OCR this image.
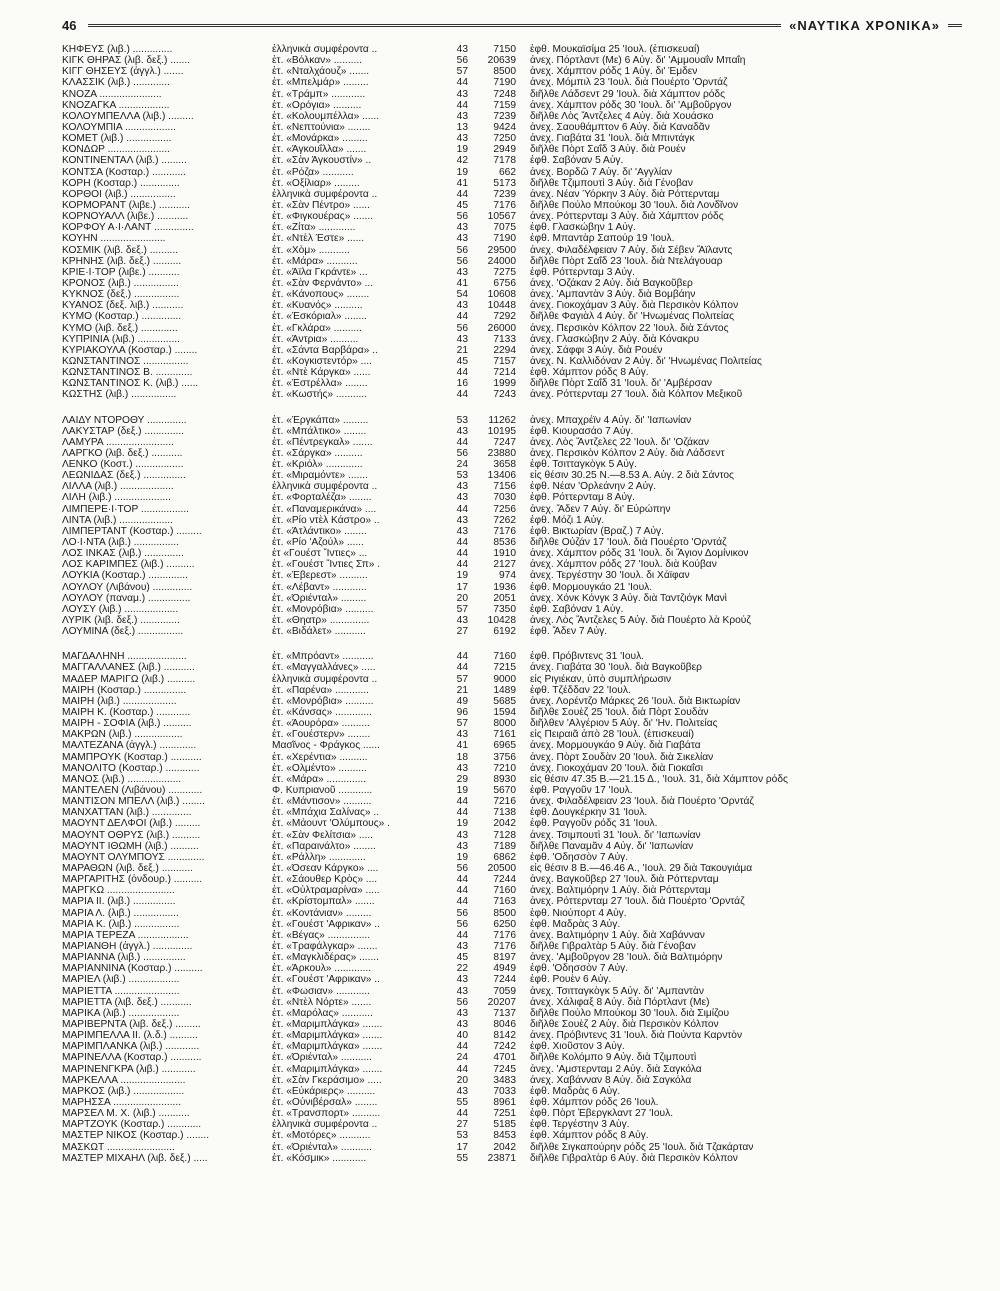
46	«ΝΑΥΤΙΚΑ ΧΡΟΝΙΚΑ»
ΚΗΦΕΥΣ (λιβ.) ..............	ἑλληνικὰ συμφέροντα ..	43	7150	ἐφθ. Μουκαϊσίμα 25 'Ιουλ. (ἐπισκευαί)
ΚΙΓΚ ΘΗΡΑΣ (λιβ. δεξ.) .......	ἐτ. «Βόλκαν» ..........	56	20639	ἀνεχ. Πόρτλαντ (Με) 6 Αὐγ. δι' 'Αμμουαΐν Μπαΐη
ΚΙΓΓ ΘΗΣΕΥΣ (ἀγγλ.) .......	ἐτ. «Νταλχάουζ» .......	57	8500	ἀνεχ. Χάμπτον ρόδς 1 Αὐγ. δι' Έμδεν
ΚΛΑΣΣΙΚ (λιβ.) .............	ἐτ. «Μπελμάρ» .........	44	7190	ἀνεχ. Μόμπιλ 23 'Ιουλ. διὰ Πουέρτο 'Ορντάζ
ΚΝΟΖΑ ......................	ἐτ. «Τράμπ» ............	43	7248	διῆλθε Λάδσεντ 29 'Ιουλ. διὰ Χάμπτον ρόδς
ΚΝΟΖΑΓΚΑ ..................	ἐτ. «Ορόγια» ..........	44	7159	ἀνεχ. Χάμπτον ρόδς 30 'Ιουλ. δι' 'Αμβοῦργον
ΚΟΛΟΥΜΠΕΛΛΑ (λιβ.) .........	ἐτ. «Κολουμπέλλα» ......	43	7239	διῆλθε Λὸς Ἄντζελες 4 Αὐγ. διὰ Χουάσκο
ΚΟΛΟΥΜΠΙΑ ..................	ἐτ. «Νεπτούνια» ........	13	9424	ἀνεχ. Σαουθάμπτον 6 Αὐγ. διὰ Καναδᾶν
ΚΟΜΕΤ (λιβ.) ................	ἐτ. «Μονάρκα» .........	43	7250	ἀνεχ. Γιαβάτα 31 'Ιουλ. διὰ Μπιντάγκ
ΚΟΝΔΩΡ ......................	ἐτ. «Άγκουΐλλα» .......	19	2949	διῆλθε Πὸρτ Σαΐδ 3 Αὐγ. διὰ Ρουέν
ΚΟΝΤΙΝΕΝΤΑΛ (λιβ.) .........	ἐτ. «Σὰν Άγκουστίν» ..	42	7178	ἐφθ. Σαβόναν 5 Αὐγ.
ΚΟΝΤΣΑ (Κοσταρ.) ............	ἐτ. «Ρόζα» ...........	19	662	ἀνεχ. Βορδῶ 7 Αὐγ. δι' 'Αγγλίαν
ΚΟΡΗ (Κοσταρ.) ..............	ἐτ. «Οξίλιαρ» .........	41	5173	διῆλθε Τζιμπουτὶ 3 Αὐγ. διὰ Γένοβαν
ΚΟΡΘΟΙ (λιβ.) ................	ἑλληνικὰ συμφέροντα ..	44	7239	ἀνεχ. Νέαν Ύόρκην 3 Αὐγ. διὰ Ρόττερνταμ
ΚΟΡΜΟΡΑΝΤ (λιβε.) ...........	ἐτ. «Σὰν Πέντρο» ......	45	7176	διῆλθε Πούλο Μπούκομ 30 'Ιουλ. διὰ Λονδῖνον
ΚΟΡΝΟΥΑΛΛ (λιβε.) ...........	ἐτ. «Φιγκουέρας» .......	56	10567	ἀνεχ. Ρόττερνταμ 3 Αὐγ. διὰ Χάμπτον ρόδς
ΚΟΡΦΟΥ Α·Ι·ΛΑΝΤ ..............	ἐτ. «Ζίτα» .............	43	7075	ἐφθ. Γλασκώβην 1 Αὐγ.
ΚΟΥΗΝ .......................	ἐτ. «Ντὲλ Έστε» ......	43	7190	ἐφθ. Μπαντὰρ Σαπούρ 19 'Ιουλ.
ΚΟΣΜΙΚ (λιβ. δεξ.) ..........	ἐτ. «Χὸμ» ...........	56	29500	ἀνεχ. Φιλαδέλφειαν 7 Αὐγ. διὰ Σέβεν Ἄϊλαντς
ΚΡΗΝΗΣ (λιβ. δεξ.) ..........	ἐτ. «Μάρα» ...........	56	24000	διῆλθε Πὸρτ Σαΐδ 23 'Ιουλ. διὰ Ντελάγουαρ
ΚΡΙΕ·Ι·ΤΟΡ (λιβε.) ...........	ἐτ. «Άϊλα Γκράντε» ...	43	7275	ἐφθ. Ρόττερνταμ 3 Αὐγ.
ΚΡΟΝΟΣ (λιβ.) ................	ἐτ. «Σὰν Φερνάντο» ...	41	6756	ἀνεχ. 'Οζάκαν 2 Αὐγ. διὰ Βαγκοῦβερ
ΚΥΚΝΟΣ (δεξ.) ................	ἐτ. «Κάνοπους» ........	54	10608	ἀνεχ. 'Αμπαντὰν 3 Αὐγ. διὰ Βομβάην
ΚΥΑΝΟΣ (δεξ. λιβ.) ...........	ἐτ. «Κυανός» ..........	43	10448	ἀνεχ. Γιοκοχάμαν 3 Αὐγ. διὰ Περσικὸν Κόλπον
ΚΥΜΟ (Κοσταρ.) ..............	ἐτ. «Έσκόριαλ» ........	44	7292	διῆλθε Φαγιὰλ 4 Αὐγ. δι' 'Ηνωμένας Πολιτείας
ΚΥΜΟ (λιβ. δεξ.) .............	ἐτ. «Γκλάρα» ..........	56	26000	ἀνεχ. Περσικὸν Κόλπον 22 'Ιουλ. διὰ Σάντος
ΚΥΠΡΙΝΙΑ (λιβ.) ...............	ἐτ. «Άντρια» ..........	43	7133	ἀνεχ. Γλασκώβην 2 Αὐγ. διὰ Κόνακρυ
ΚΥΡΙΑΚΟΥΛΑ (Κοσταρ.) ........	ἐτ. «Σάντα Βαρβάρα» ..	21	2294	ἀνεχ. Σάφφι 3 Αὐγ. διὰ Ρουέν
ΚΩΝΣΤΑΝΤΙΝΟΣ ................	ἐτ. «Κογκιστεντόρ» ....	45	7157	ἀνεχ. Ν. Καλλιδόναν 2 Αὐγ. δι' 'Ηνωμένας Πολιτείας
ΚΩΝΣΤΑΝΤΙΝΟΣ Β. .............	ἐτ. «Ντὲ Κάργκα» ......	44	7214	ἐφθ. Χάμπτον ρόδς 8 Αὐγ.
ΚΩΝΣΤΑΝΤΙΝΟΣ Κ. (λιβ.) ......	ἐτ. «Έστρέλλα» ........	16	1999	διῆλθε Πὸρτ Σαΐδ 31 'Ιουλ. δι' 'Αμβέρσαν
ΚΩΣΤΗΣ (λιβ.) ................	ἐτ. «Κωστής» ...........	44	7243	ἀνεχ. Ρόττερνταμ 27 'Ιουλ. διὰ Κόλπον Μεξικοῦ
ΛΑΙΔΥ ΝΤΟΡΟΘΥ ..............	ἐτ. «Έργκάπα» .........	53	11262	ἀνεχ. Μπαχρέϊν 4 Αὐγ. δι' 'Ιαπωνίαν
ΛΑΚΥΣΤΑΡ (δεξ.) ..............	ἐτ. «Μπάλτικο» ........	43	10195	ἐφθ. Κιουρασάο 7 Αὐγ.
ΛΑΜΥΡΑ ........................	ἐτ. «Πέντρεγκαλ» .......	44	7247	ἀνεχ. Λὸς Ἄντζελες 22 'Ιουλ. δι' 'Οζάκαν
ΛΑΡΓΚΟ (λιβ. δεξ.) ...........	ἐτ. «Σάργκα» ..........	56	23880	ἀνεχ. Περσικὸν Κόλπον 2 Αὐγ. διὰ Λάδσεντ
ΛΕΝΚΟ (Κοστ.) .................	ἐτ. «Κριόλ» .............	24	3658	ἐφθ. Τσιτταγκὸγκ 5 Αὐγ.
ΛΕΩΝΙΔΑΣ (δεξ.) ...............	ἐτ. «Μιραμόντε» .......	53	13406	εἰς θέσιν 30.25 Ν.—8.53 Α. Αὐγ. 2 διὰ Σάντος
ΛΙΛΛΑ (λιβ.) ...................	ἑλληνικὰ συμφέροντα ..	43	7156	ἐφθ. Νέαν 'Ορλεάνην 2 Αὐγ.
ΛΙΛΗ (λιβ.) ....................	ἐτ. «Φορταλέζα» ........	43	7030	ἐφθ. Ρόττερνταμ 8 Αὐγ.
ΛΙΜΠΕΡΕ·Ι·ΤΟΡ .................	ἐτ. «Παναμερικάνα» ....	44	7256	ἀνεχ. Ἄδεν 7 Αὐγ. δι' Εὐρώπην
ΛΙΝΤΑ (λιβ.) ...................	ἐτ. «Ρίο ντὲλ Κάστρο» ..	43	7262	ἐφθ. Μόζι 1 Αὐγ.
ΛΙΜΠΕΡΤΑΝΤ (Κοσταρ.) .........	ἐτ. «Άτλάντικο» ........	43	7176	ἐφθ. Βικτωρίαν (Βραζ.) 7 Αὐγ.
ΛΟ·Ι·ΝΤΑ (λιβ.) ................	ἐτ. «Ρίο 'Αζούλ» ......	44	8536	διῆλθε Οὐζάν 17 'Ιουλ. διὰ Πουέρτο 'Ορντάζ
ΛΟΣ ΙΝΚΑΣ (λιβ.) ..............	ἐτ «Γουέστ Ἴντιες» ...	44	1910	ἀνεχ. Χάμπτον ρόδς 31 'Ιουλ. δι Ἄγιον Δομίνικον
ΛΟΣ ΚΑΡΙΜΠΕΣ (λιβ.) ..........	ἐτ. «Γουέστ Ἴντιες Σπ» .	44	2127	ἀνεχ. Χάμπτον ρόδς 27 'Ιουλ. διὰ Κούβαν
ΛΟΥΚΙΑ (Κοσταρ.) ..............	ἐτ. «Έβερεστ» ..........	19	974	ἀνεχ. Τεργέστην 30 'Ιουλ. δι Χάϊφαν
ΛΟΥΛΟΥ (Λιβάνου) ..............	ἐτ. «Λέβαντ» ............	17	1936	ἐφθ. Μορμουγκάο 21 'Ιουλ.
ΛΟΥΛΟΥ (παναμ.) ...............	ἐτ. «Όριένταλ» .........	20	2051	ἀνεχ. Χόνκ Κόνγκ 3 Αὐγ. διὰ Ταντζιόγκ Μανὶ
ΛΟΥΣΥ (λιβ.) ...................	ἐτ. «Μονρόβια» ..........	57	7350	ἐφθ. Σαβόναν 1 Αὐγ.
ΛΥΡΙΚ (λιβ. δεξ.) ..............	ἐτ. «Θηατρ» ..............	43	10428	ἀνεχ. Λὸς Ἄντζελες 5 Αὐγ. διὰ Πουέρτο λὰ Κρούζ
ΛΟΥΜΙΝΑ (δεξ.) ................	ἐτ. «Βιδάλετ» ...........	27	6192	ἐφθ. Ἄδεν 7 Αὐγ.
ΜΑΓΔΑΛΗΝΗ .....................	ἐτ. «Μπρόαντ» ...........	44	7160	ἐφθ. Πρόβιντενς 31 'Ιουλ.
ΜΑΓΓΑΛΛΑΝΕΣ (λιβ.) ...........	ἐτ. «Μαγγαλλάνες» .....	44	7215	ἀνεχ. Γιαβάτα 30 'Ιουλ. διὰ Βαγκοῦβερ
ΜΑΔΕΡ ΜΑΡΙΓΩ (λιβ.) ..........	ἑλληνικὰ συμφέροντα ..	57	9000	εἰς Ριγιέκαν, ὑπὸ συμπλήρωσιν
ΜΑΙΡΗ (Κοσταρ.) ...............	ἐτ. «Παρένα» ............	21	1489	ἐφθ. Τζέδδαν 22 'Ιουλ.
ΜΑΙΡΗ (λιβ.) ...................	ἐτ. «Μονρόβια» ..........	49	5685	ἀνεχ. Λορέντζο Μάρκες 26 'Ιουλ. διὰ Βικτωρίαν
ΜΑΙΡΗ Κ. (Κοσταρ.) ............	ἐτ. «Κάνσας» .............	96	1594	διῆλθε Σουὲζ 25 'Ιουλ. διὰ Πὸρτ Σουδὰν
ΜΑΙΡΗ - ΣΟΦΙΑ (λιβ.) ..........	ἐτ. «Άουρόρα» ..........	57	8000	διῆλθεν 'Αλγέριον 5 Αὐγ. δι' 'Ην. Πολιτείας
ΜΑΚΡΩΝ (λιβ.) .................	ἐτ. «Γουέστερν» ........	43	7161	εἰς Πειραιᾶ ἀπὸ 28 'Ιουλ. (ἐπισκευαί)
ΜΑΛΤΕΖΑΝΑ (ἀγγλ.) .............	Μασῖνος - Φράγκος ......	41	6965	ἀνεχ. Μορμουγκάο 9 Αὐγ. διὰ Γιαβάτα
ΜΑΜΠΡΟΥΚ (Κοσταρ.) ...........	ἐτ. «Χερέντια» ..........	18	3756	ἀνεχ. Πὸρτ Σουδὰν 20 'Ιουλ. διὰ Σικελίαν
ΜΑΝΟΛΙΤΟ (Κοσταρ.) ............	ἐτ. «Ολμέντο» ..........	43	7210	ἀνεχ. Γιοκοχάμαν 20 'Ιουλ. διὰ Γιοκαΐσι
ΜΑΝΟΣ (λιβ.) ...................	ἐτ. «Μάρα» ..............	29	8930	εἰς θέσιν 47.35 Β.—21.15 Δ., 'Ιουλ. 31, διὰ Χάμπτον ρόδς
ΜΑΝΤΕΛΕΝ (Λιβάνου) ............	Φ. Κυπριανοῦ ............	19	5670	ἐφθ. Ραγγοῦν 17 'Ιουλ.
ΜΑΝΤΙΣΟΝ ΜΠΕΛΛ (λιβ.) ........	ἐτ. «Μάντισον» ..........	44	7216	ἀνεχ. Φιλαδέλφειαν 23 'Ιουλ. διὰ Πουέρτο 'Ορντάζ
ΜΑΝΧΑΤΤΑΝ (λιβ.) ..............	ἐτ. «Μπάχια Σαλίνας» ..	44	7138	ἐφθ. Δουγκέρκην 31 'Ιουλ.
ΜΑΟΥΝΤ ΔΕΛΦΟΙ (λιβ.) .........	ἐτ. «Μάουντ 'Ολύμπους» .	19	2042	ἐφθ. Ραγγοῦν ρόδς 31 'Ιουλ.
ΜΑΟΥΝΤ ΟΘΡΥΣ (λιβ.) ..........	ἐτ. «Σὰν Φελίτσια» .....	43	7128	ἀνεχ. Τσιμπουτὶ 31 'Ιουλ. δι' 'Ιαπωνίαν
ΜΑΟΥΝΤ ΙΘΩΜΗ (λιβ.) ..........	ἐτ. «Παραινάλτο» ........	43	7189	διῆλθε Παναμᾶν 4 Αὐγ. δι' 'Ιαπωνίαν
ΜΑΟΥΝΤ ΟΛΥΜΠΟΥΣ .............	ἐτ. «Ράλλη» .............	19	6862	ἐφθ. 'Οδησσὸν 7 Αὐγ.
ΜΑΡΑΘΩΝ (λιβ. δεξ.) ...........	ἐτ. «Όσεαν Κάργκο» ....	56	20500	εἰς θέσιν 8 Β.—46.46 Α., 'Ιουλ. 29 διὰ Τακουγιάμα
ΜΑΡΓΑΡΙΤΗΣ (ὀνδουρ.) ..........	ἐτ. «Σάουθερ Κρὸς» ....	44	7244	ἀνεχ. Βαγκοῦβερ 27 'Ιουλ. διὰ Ρόττερνταμ
ΜΑΡΓΚΩ ........................	ἐτ. «Ούλτραμαρίνα» .....	44	7160	ἀνεχ. Βαλτιμόρην 1 Αὐγ. διὰ Ρόττερνταμ
ΜΑΡΙΑ ΙΙ. (λιβ.) ...............	ἐτ. «Κρίστομπαλ» .......	44	7163	ἀνεχ. Ρόττερνταμ 27 'Ιουλ. διὰ Πουέρτο 'Ορντάζ
ΜΑΡΙΑ Λ. (λιβ.) ................	ἐτ. «Κοντάνιαν» .........	56	8500	ἐφθ. Νιούπορτ 4 Αὐγ.
ΜΑΡΙΑ Κ. (λιβ.) ................	ἐτ. «Γουέστ 'Αφρικαν» ..	56	6250	ἐφθ. Μαδρὰς 3 Αὐγ.
ΜΑΡΙΑ ΤΕΡΕΖΑ ..................	ἐτ. «Βέγας» ...............	44	7176	ἀνεχ. Βαλτιμόρην 1 Αὐγ. διὰ Χαβάνναν
ΜΑΡΙΑΝΘΗ (ἀγγλ.) ..............	ἐτ. «Τραφάλγκαρ» .......	43	7176	διῆλθε Γιβραλτὰρ 5 Αὐγ. διὰ Γένοβαν
ΜΑΡΙΑΝΝΑ (λιβ.) ...............	ἐτ. «Μαγκλιδέρας» .......	45	8197	ἀνεχ. 'Αμβοῦργον 28 'Ιουλ. διὰ Βαλτιμόρην
ΜΑΡΙΑΝΝΙΝΑ (Κοσταρ.) ..........	ἐτ. «Άρκουλ» .............	22	4949	ἐφθ. 'Οδησσὸν 7 Αὐγ.
ΜΑΡΙΕΛ (λιβ.) ..................	ἐτ. «Γουέστ 'Αφρικαν» ..	43	7244	ἐφθ. Ρουὲν 6 Αὐγ.
ΜΑΡΙΕΤΤΑ .......................	ἐτ. «Φωσιαν» ............	43	7059	ἀνεχ. Τσιτταγκὸγκ 5 Αὐγ. δι' 'Αμπαντὰν
ΜΑΡΙΕΤΤΑ (λιβ. δεξ.) ...........	ἐτ. «Ντὲλ Νόρτε» .......	56	20207	ἀνεχ. Χάλιφαξ 8 Αὐγ. διὰ Πόρτλαντ (Με)
ΜΑΡΙΚΑ (λιβ.) ..................	ἐτ. «Μαρόλας» ...........	43	7137	διῆλθε Πούλο Μπούκομ 30 'Ιουλ. διὰ Σιμίζου
ΜΑΡΙΒΕΡΝΤΑ (λιβ. δεξ.) .........	ἐτ. «Μαριμπλάγκα» .......	43	8046	διῆλθε Σουὲζ 2 Αὐγ. διὰ Περσικὸν Κόλπον
ΜΑΡΙΜΠΕΛΛΑ ΙΙ. (λ.δ.) ..........	ἐτ. «Μαριμπλάγκα» .......	40	8142	ἀνεχ. Πρόβιντενς 31 'Ιουλ. διὰ Πούντα Καρντὸν
ΜΑΡΙΜΠΛΑΝΚΑ (λιβ.) ............	ἐτ. «Μαριμπλάγκα» .......	44	7242	ἐφθ. Χιοῦστον 3 Αὐγ.
ΜΑΡΙΝΕΛΛΑ (Κοσταρ.) ...........	ἐτ. «Όριένταλ» ...........	24	4701	διῆλθε Κολόμπο 9 Αὐγ. διὰ Τζιμπουτὶ
ΜΑΡΙΝΕΝΓΚΡΑ (λιβ.) ............	ἐτ. «Μαριμπλάγκα» .......	44	7245	ἀνεχ. 'Αμστερνταμ 2 Αὐγ. διὰ Σαγκόλα
ΜΑΡΚΕΛΛΑ .......................	ἐτ. «Σὰν Γκεράσιμο» .....	20	3483	ἀνεχ. Χαβάνναν 8 Αὐγ. διὰ Σαγκόλα
ΜΑΡΚΟΣ (λιβ.) ..................	ἐτ. «Εὐκάριερς» ..........	43	7033	ἐφθ. Μαδρὰς 6 Αὐγ.
ΜΑΡΗΣΣΑ ........................	ἐτ. «Οὐνιβέρσαλ» ........	55	8961	ἐφθ. Χάμπτον ρόδς 26 'Ιουλ.
ΜΑΡΣΕΛ Μ. Χ. (λιβ.) ...........	ἐτ. «Τρανσπορτ» ..........	44	7251	ἐφθ. Πὸρτ Ἐβεργκλαντ 27 'Ιουλ.
ΜΑΡΤΖΟΥΚ (Κοσταρ.) ............	ἑλληνικὰ συμφέροντα ..	27	5185	ἐφθ. Τεργέστην 3 Αὐγ.
ΜΑΣΤΕΡ ΝΙΚΟΣ (Κοσταρ.) ........	ἐτ. «Μοτόρες» ...........	53	8453	ἐφθ. Χάμπτον ρόδς 8 Αὐγ.
ΜΑΣΚΩΤ ........................	ἐτ. «Όριένταλ» ...........	17	2042	διῆλθε Σιγκαπούρην ρόδς 25 'Ιουλ. διὰ Τζακάρταν
ΜΑΣΤΕΡ ΜΙΧΑΗΛ (λιβ. δεξ.) .....	ἐτ. «Κόσμικ» ............	55	23871	διῆλθε Γιβραλτὰρ 6 Αὐγ. διὰ Περσικὸν Κόλπον
